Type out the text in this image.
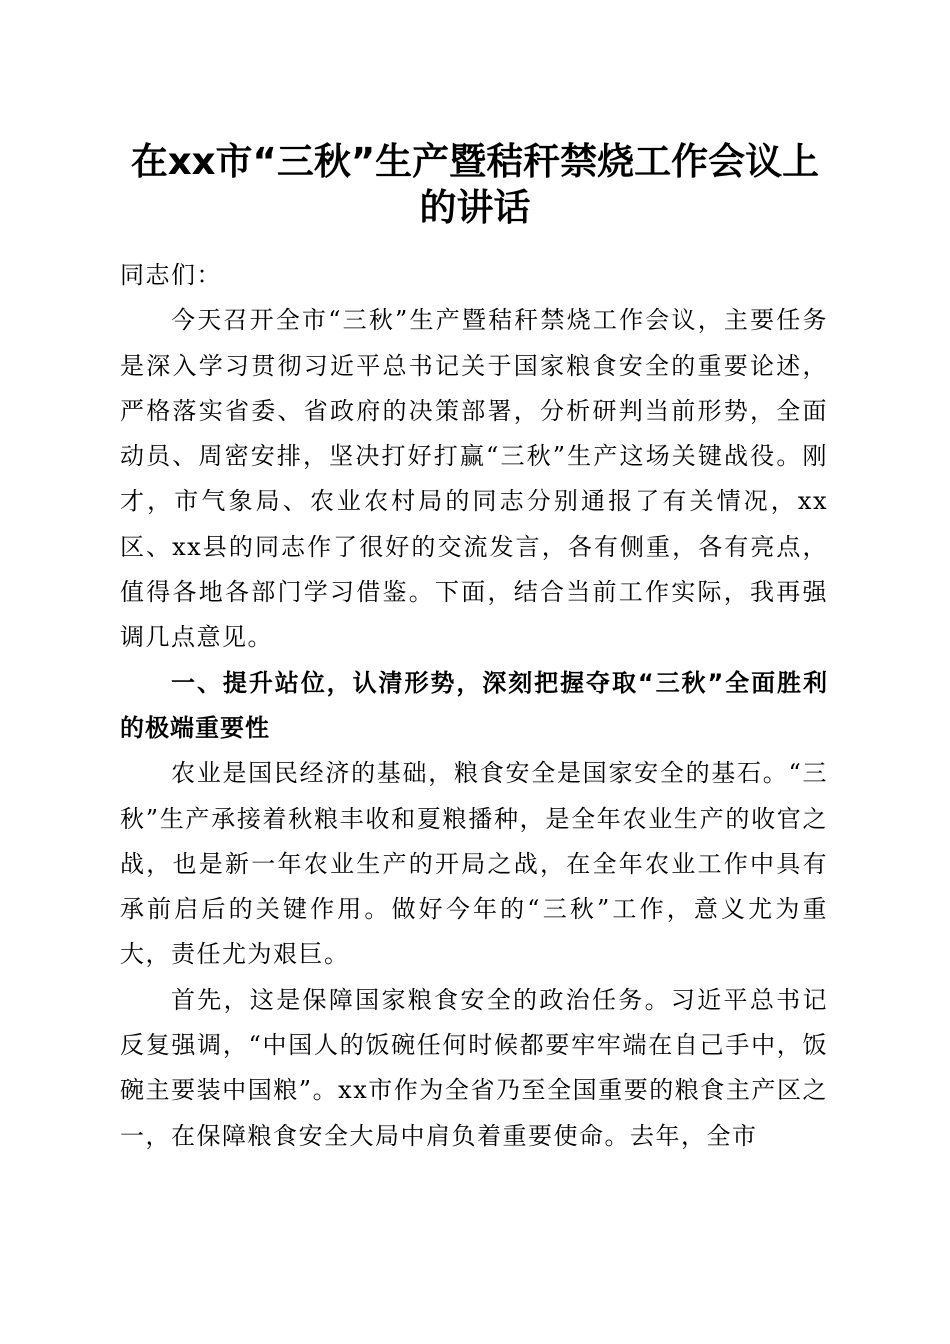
在xx市“三秋”生产暨秸秆禁烧工作会议上
的讲话

同志们：

今天召开全市“三秋”生产暨秸秆禁烧工作会议，主要任务是深入学习贯彻习近平总书记关于国家粮食安全的重要论述，严格落实省委、省政府的决策部署，分析研判当前形势，全面动员、周密安排，坚决打好打赢“三秋”生产这场关键战役。刚才，市气象局、农业农村局的同志分别通报了有关情况，xx区、xx县的同志作了很好的交流发言，各有侧重，各有亮点，值得各地各部门学习借鉴。下面，结合当前工作实际，我再强调几点意见。

一、提升站位，认清形势，深刻把握夺取“三秋”全面胜利的极端重要性

农业是国民经济的基础，粮食安全是国家安全的基石。“三秋”生产承接着秋粮丰收和夏粮播种，是全年农业生产的收官之战，也是新一年农业生产的开局之战，在全年农业工作中具有承前启后的关键作用。做好今年的“三秋”工作，意义尤为重大，责任尤为艰巨。

首先，这是保障国家粮食安全的政治任务。习近平总书记反复强调，“中国人的饭碗任何时候都要牢牢端在自己手中，饭碗主要装中国粮”。xx市作为全省乃至全国重要的粮食主产区之一，在保障粮食安全大局中肩负着重要使命。去年，全市
